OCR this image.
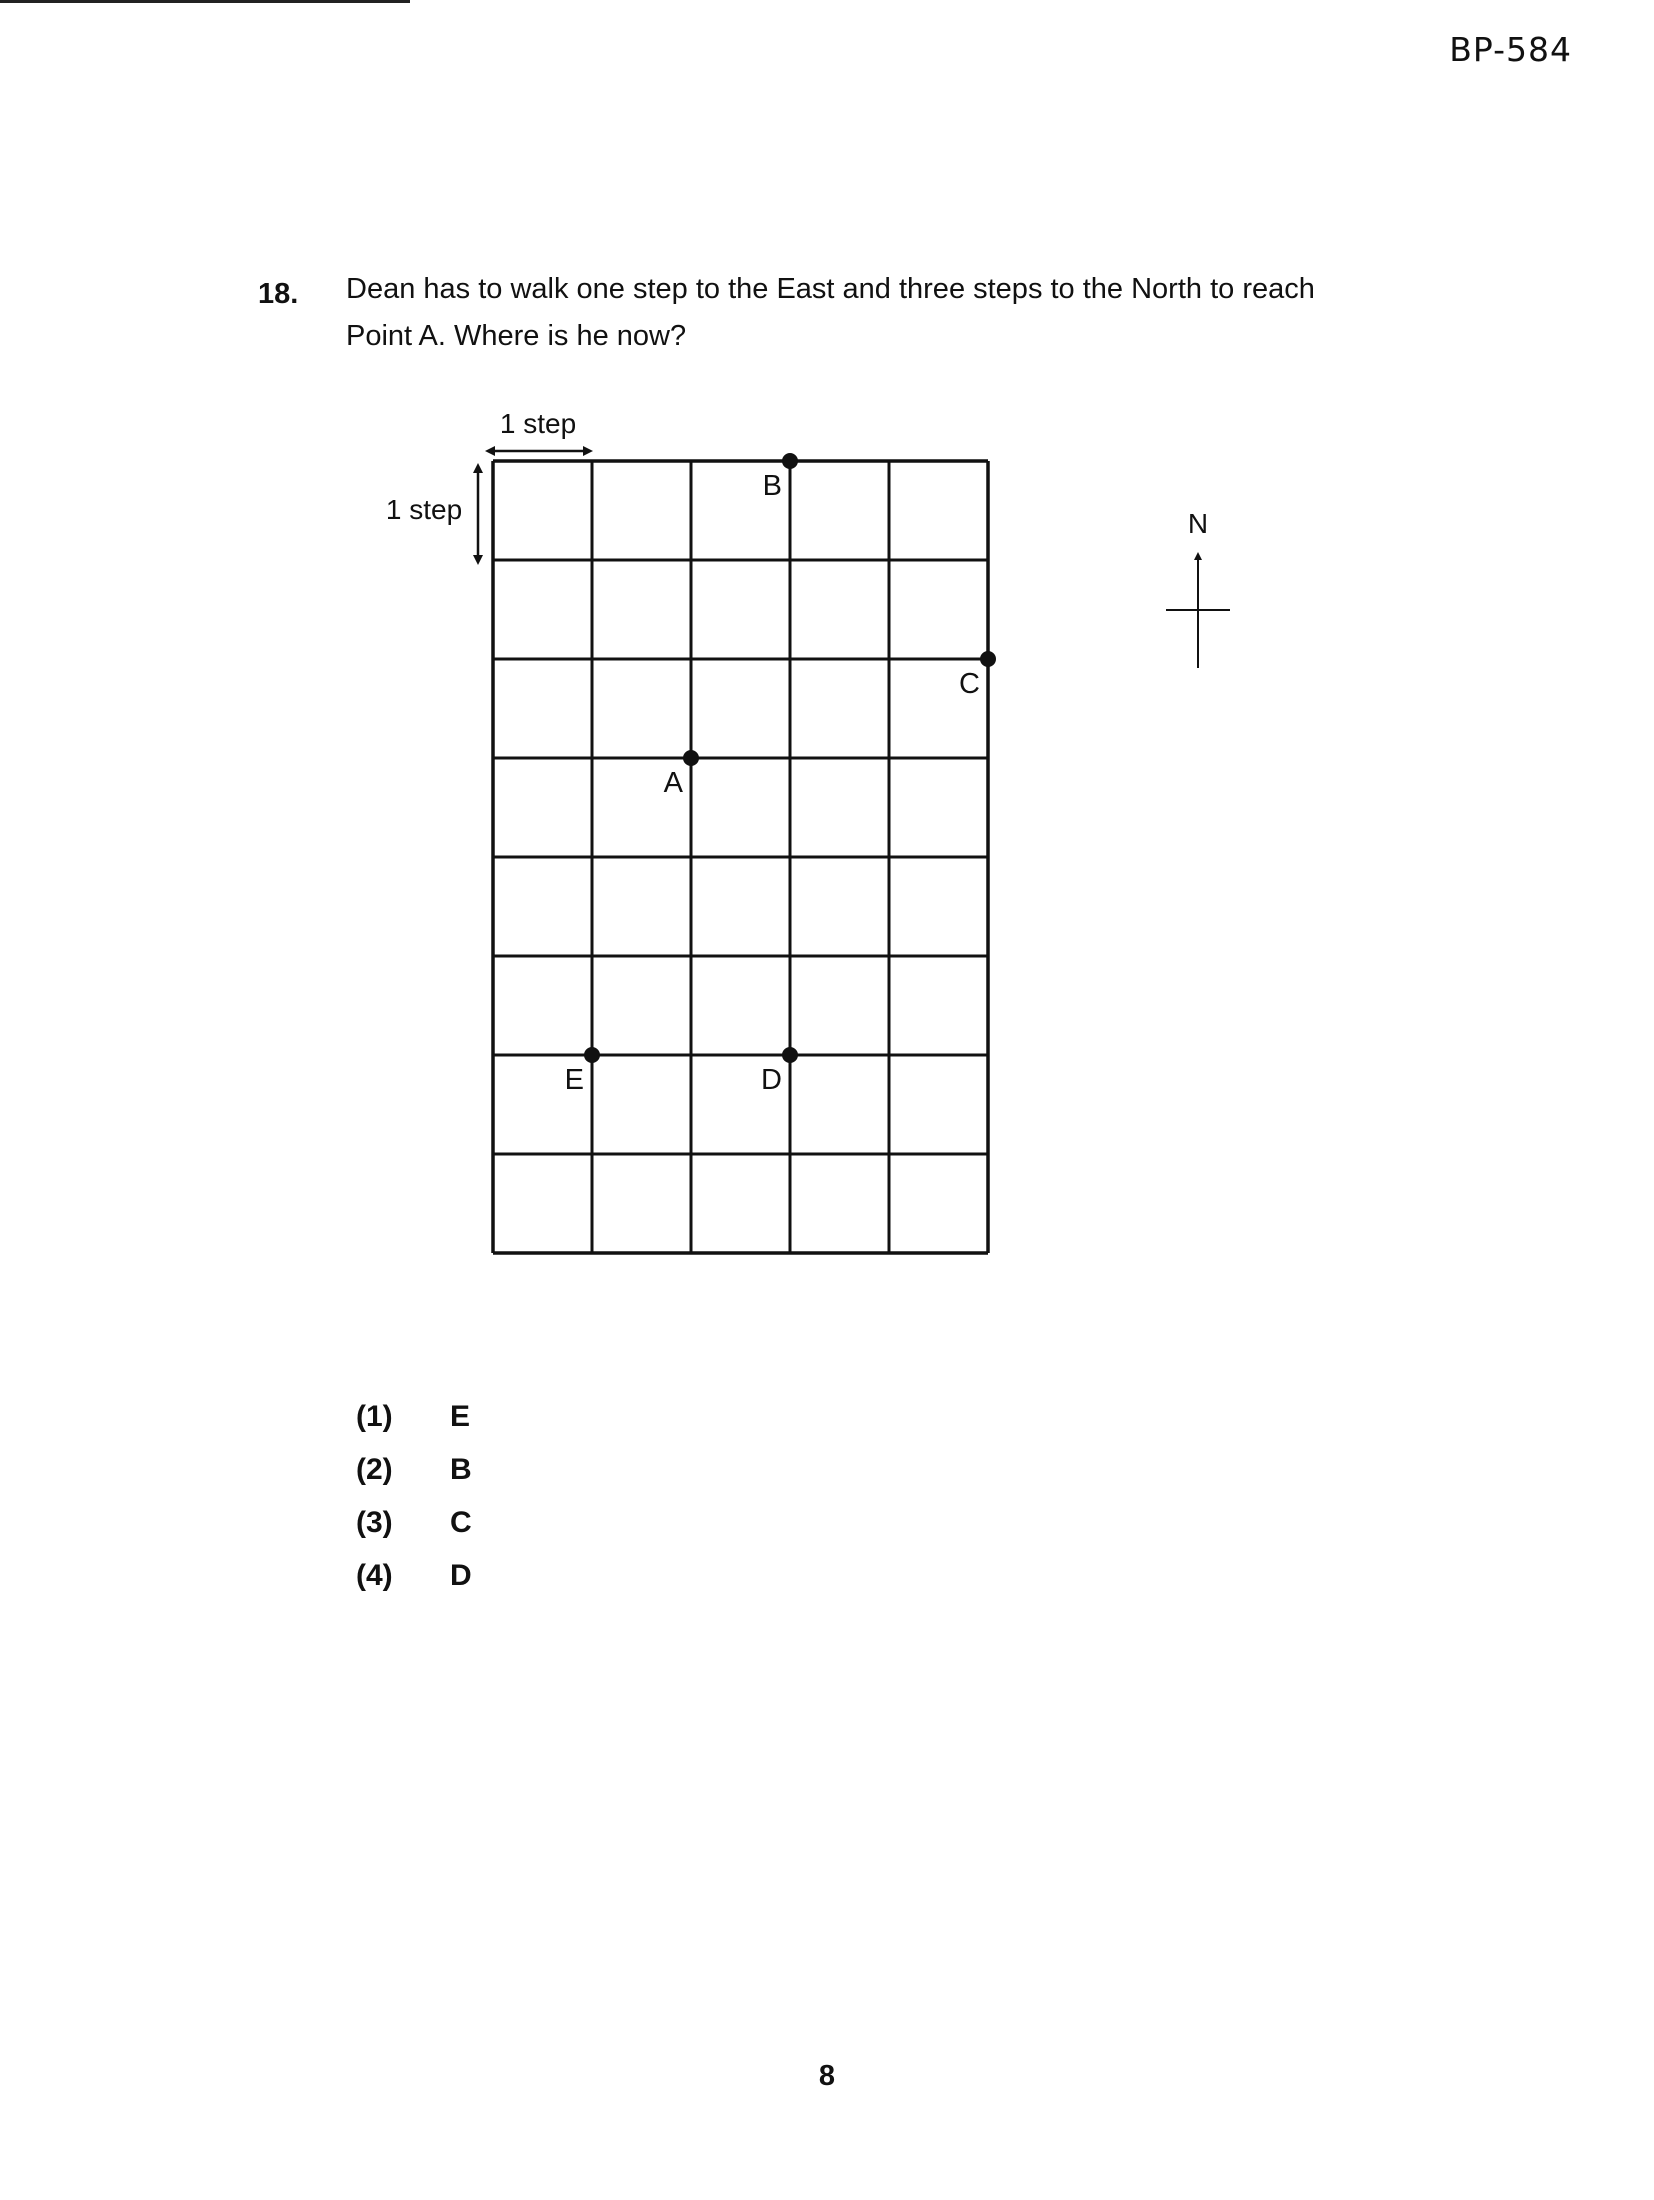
BP-584
18. Dean has to walk one step to the East and three steps to the North to reach Point A. Where is he now?
1 step
1 step
B
C
A
E	D
N
(1)	E
(2)	B
(3)	C
(4)	D
8
